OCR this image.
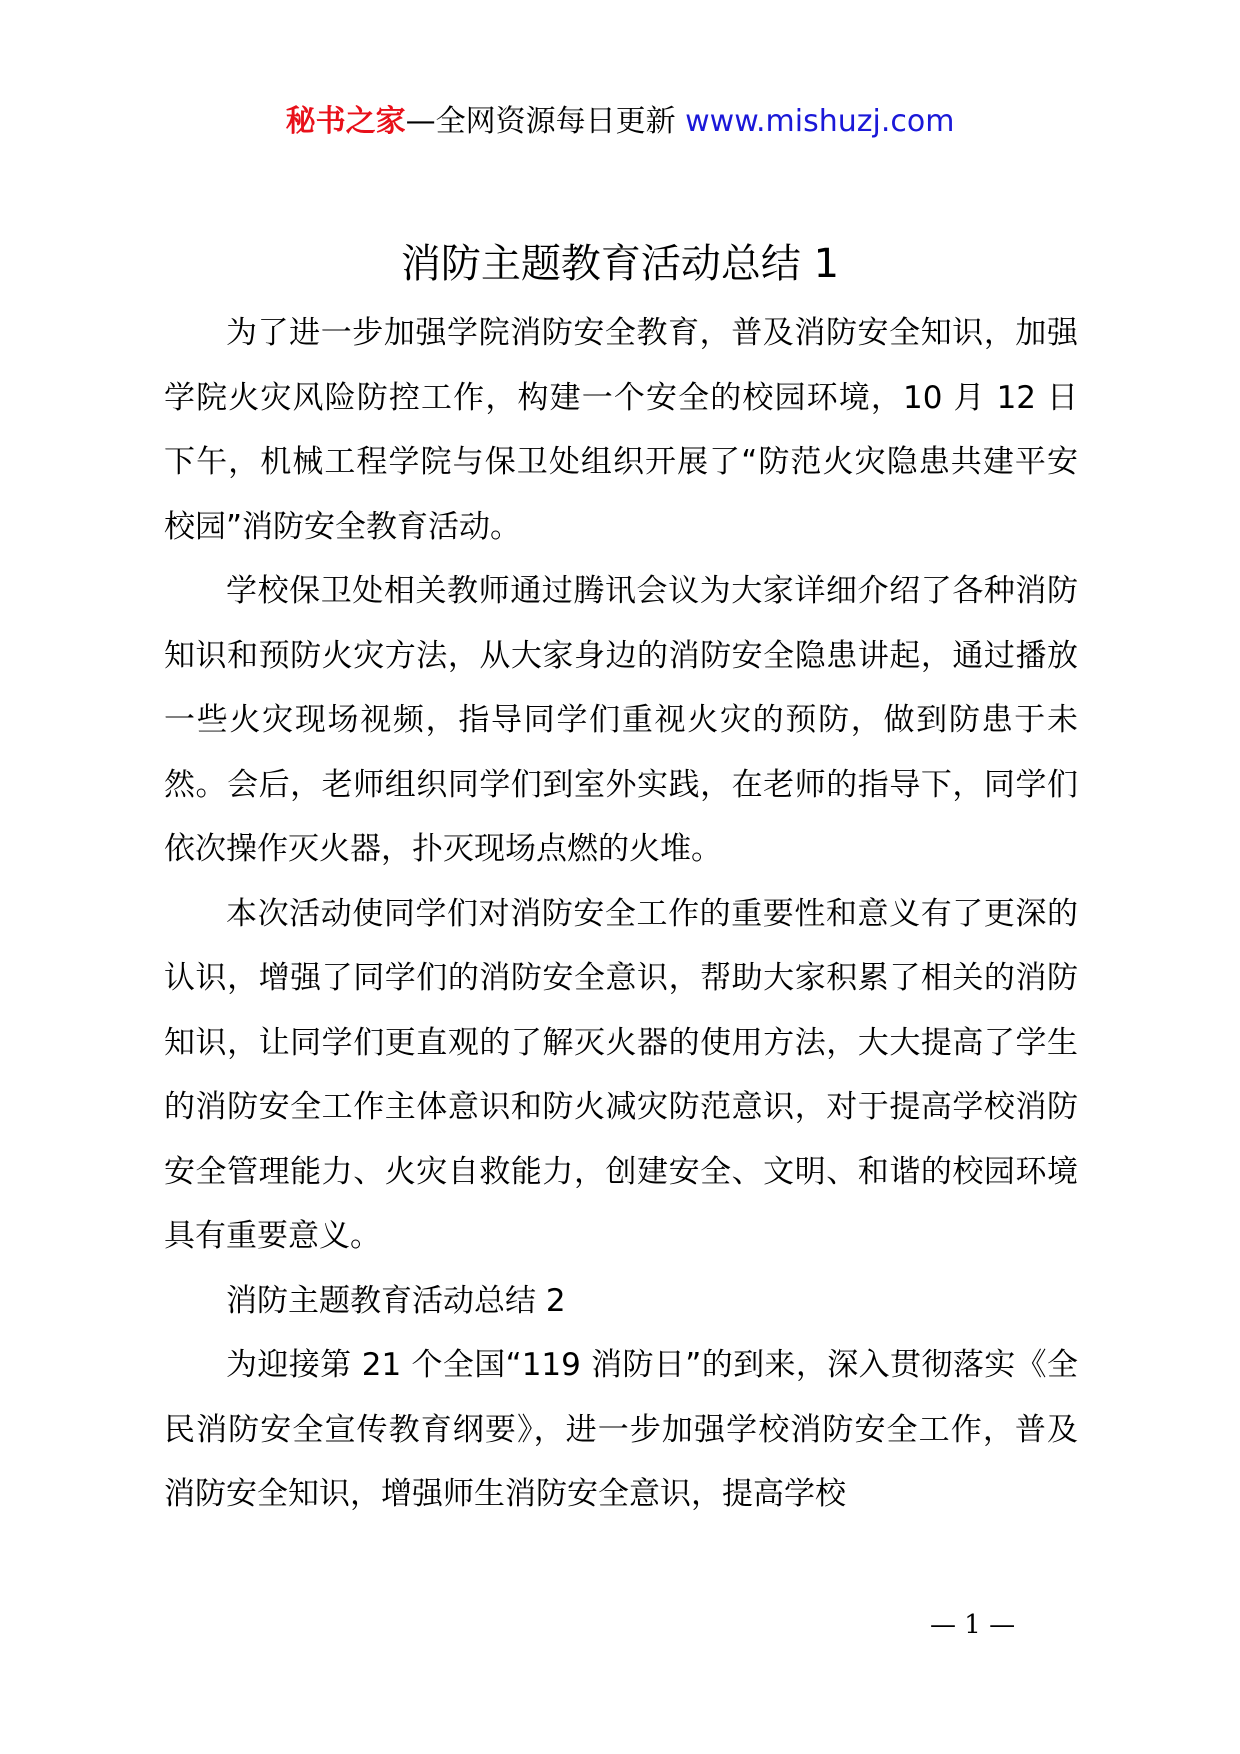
秘书之家—全网资源每日更新 www.mishuzj.com
消防主题教育活动总结 1

为了进一步加强学院消防安全教育，普及消防安全知识，加强学院火灾风险防控工作，构建一个安全的校园环境，10 月 12 日下午，机械工程学院与保卫处组织开展了“防范火灾隐患共建平安校园”消防安全教育活动。

学校保卫处相关教师通过腾讯会议为大家详细介绍了各种消防知识和预防火灾方法，从大家身边的消防安全隐患讲起，通过播放一些火灾现场视频，指导同学们重视火灾的预防，做到防患于未然。会后，老师组织同学们到室外实践，在老师的指导下，同学们依次操作灭火器，扑灭现场点燃的火堆。

本次活动使同学们对消防安全工作的重要性和意义有了更深的认识，增强了同学们的消防安全意识，帮助大家积累了相关的消防知识，让同学们更直观的了解灭火器的使用方法，大大提高了学生的消防安全工作主体意识和防火减灾防范意识，对于提高学校消防安全管理能力、火灾自救能力，创建安全、文明、和谐的校园环境具有重要意义。

消防主题教育活动总结 2

为迎接第 21 个全国“119 消防日”的到来，深入贯彻落实《全民消防安全宣传教育纲要》，进一步加强学校消防安全工作，普及消防安全知识，增强师生消防安全意识，提高学校

— 1 —
